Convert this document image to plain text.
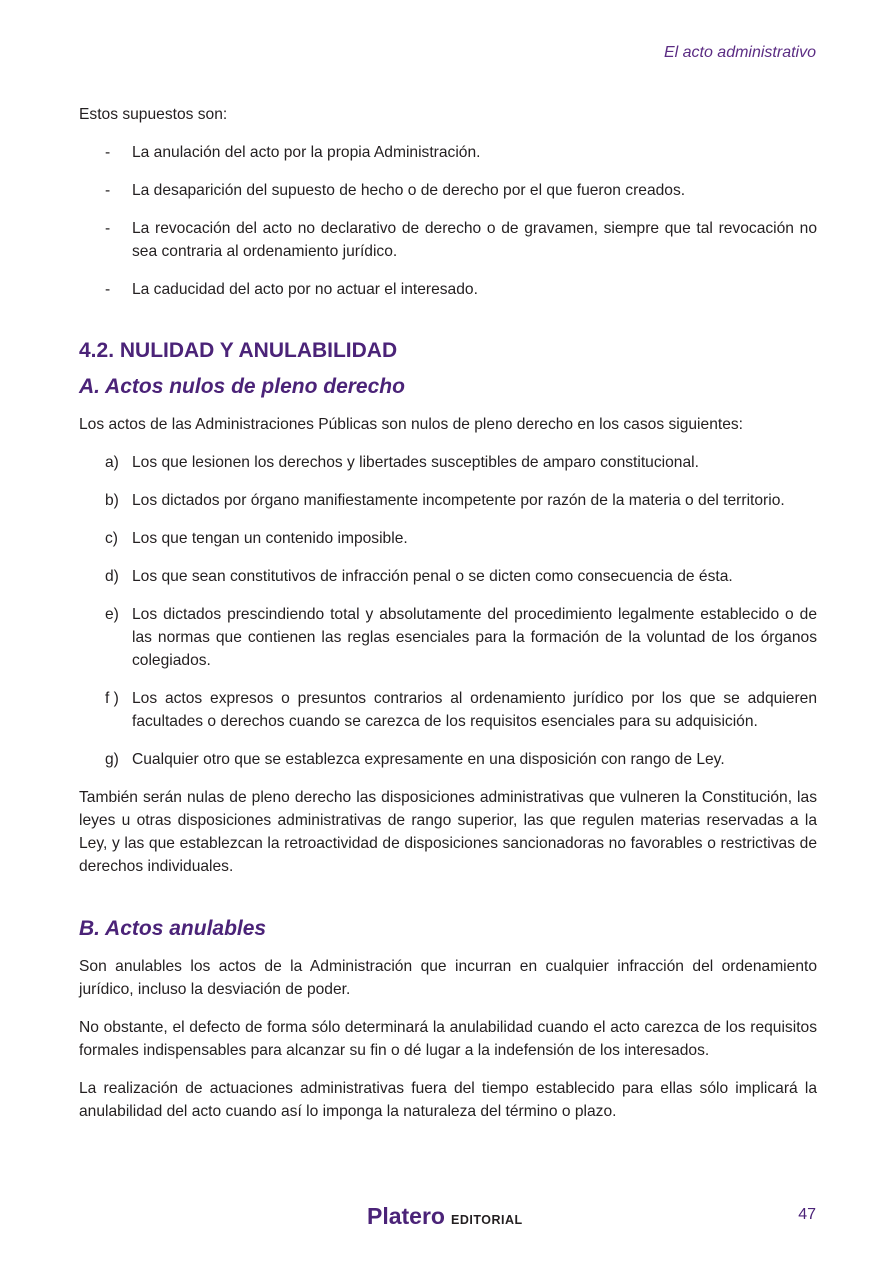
El acto administrativo

Estos supuestos son:

- La anulación del acto por la propia Administración.
- La desaparición del supuesto de hecho o de derecho por el que fueron creados.
- La revocación del acto no declarativo de derecho o de gravamen, siempre que tal revocación no sea contraria al ordenamiento jurídico.
- La caducidad del acto por no actuar el interesado.
4.2. NULIDAD Y ANULABILIDAD
A. Actos nulos de pleno derecho

Los actos de las Administraciones Públicas son nulos de pleno derecho en los casos siguientes:

a) Los que lesionen los derechos y libertades susceptibles de amparo constitucional.
b) Los dictados por órgano manifiestamente incompetente por razón de la materia o del territorio.
c) Los que tengan un contenido imposible.
d) Los que sean constitutivos de infracción penal o se dicten como consecuencia de ésta.
e) Los dictados prescindiendo total y absolutamente del procedimiento legalmente establecido o de las normas que contienen las reglas esenciales para la formación de la voluntad de los órganos colegiados.
f ) Los actos expresos o presuntos contrarios al ordenamiento jurídico por los que se adquieren facultades o derechos cuando se carezca de los requisitos esenciales para su adquisición.
g) Cualquier otro que se establezca expresamente en una disposición con rango de Ley.

También serán nulas de pleno derecho las disposiciones administrativas que vulneren la Constitución, las leyes u otras disposiciones administrativas de rango superior, las que regulen materias reservadas a la Ley, y las que establezcan la retroactividad de disposiciones sancionadoras no favorables o restrictivas de derechos individuales.

B. Actos anulables

Son anulables los actos de la Administración que incurran en cualquier infracción del ordenamiento jurídico, incluso la desviación de poder.

No obstante, el defecto de forma sólo determinará la anulabilidad cuando el acto carezca de los requisitos formales indispensables para alcanzar su fin o dé lugar a la indefensión de los interesados.

La realización de actuaciones administrativas fuera del tiempo establecido para ellas sólo implicará la anulabilidad del acto cuando así lo imponga la naturaleza del término o plazo.

Platero EDITORIAL	47
